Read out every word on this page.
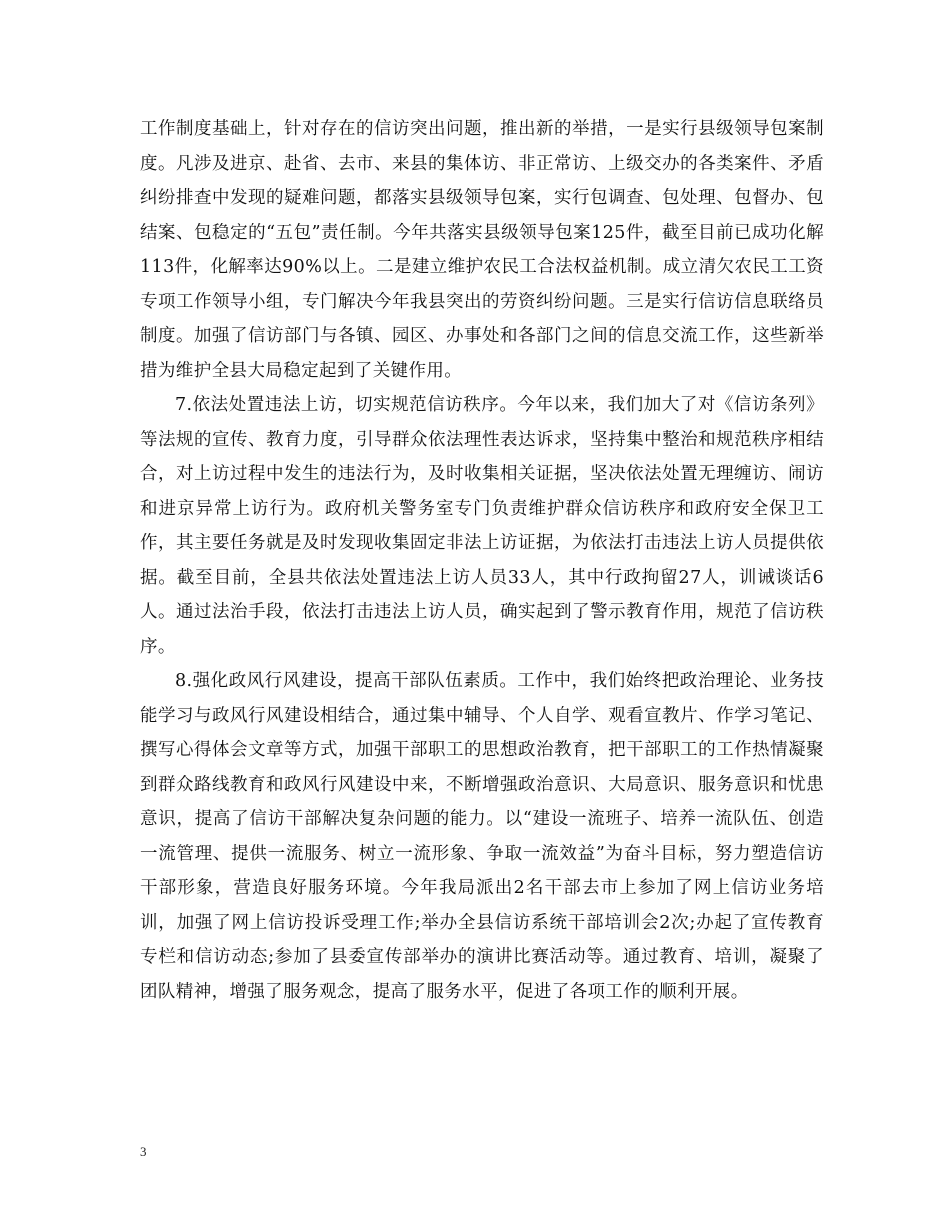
工作制度基础上，针对存在的信访突出问题，推出新的举措，一是实行县级领导包案制度。凡涉及进京、赴省、去市、来县的集体访、非正常访、上级交办的各类案件、矛盾纠纷排查中发现的疑难问题，都落实县级领导包案，实行包调查、包处理、包督办、包结案、包稳定的“五包”责任制。今年共落实县级领导包案125件，截至目前已成功化解113件，化解率达90%以上。二是建立维护农民工合法权益机制。成立清欠农民工工资专项工作领导小组，专门解决今年我县突出的劳资纠纷问题。三是实行信访信息联络员制度。加强了信访部门与各镇、园区、办事处和各部门之间的信息交流工作，这些新举措为维护全县大局稳定起到了关键作用。

7.依法处置违法上访，切实规范信访秩序。今年以来，我们加大了对《信访条列》等法规的宣传、教育力度，引导群众依法理性表达诉求，坚持集中整治和规范秩序相结合，对上访过程中发生的违法行为，及时收集相关证据，坚决依法处置无理缠访、闹访和进京异常上访行为。政府机关警务室专门负责维护群众信访秩序和政府安全保卫工作，其主要任务就是及时发现收集固定非法上访证据，为依法打击违法上访人员提供依据。截至目前，全县共依法处置违法上访人员33人，其中行政拘留27人，训诫谈话6人。通过法治手段，依法打击违法上访人员，确实起到了警示教育作用，规范了信访秩序。

8.强化政风行风建设，提高干部队伍素质。工作中，我们始终把政治理论、业务技能学习与政风行风建设相结合，通过集中辅导、个人自学、观看宣教片、作学习笔记、撰写心得体会文章等方式，加强干部职工的思想政治教育，把干部职工的工作热情凝聚到群众路线教育和政风行风建设中来，不断增强政治意识、大局意识、服务意识和忧患意识，提高了信访干部解决复杂问题的能力。以“建设一流班子、培养一流队伍、创造一流管理、提供一流服务、树立一流形象、争取一流效益”为奋斗目标，努力塑造信访干部形象，营造良好服务环境。今年我局派出2名干部去市上参加了网上信访业务培训，加强了网上信访投诉受理工作;举办全县信访系统干部培训会2次;办起了宣传教育专栏和信访动态;参加了县委宣传部举办的演讲比赛活动等。通过教育、培训，凝聚了团队精神，增强了服务观念，提高了服务水平，促进了各项工作的顺利开展。

3
